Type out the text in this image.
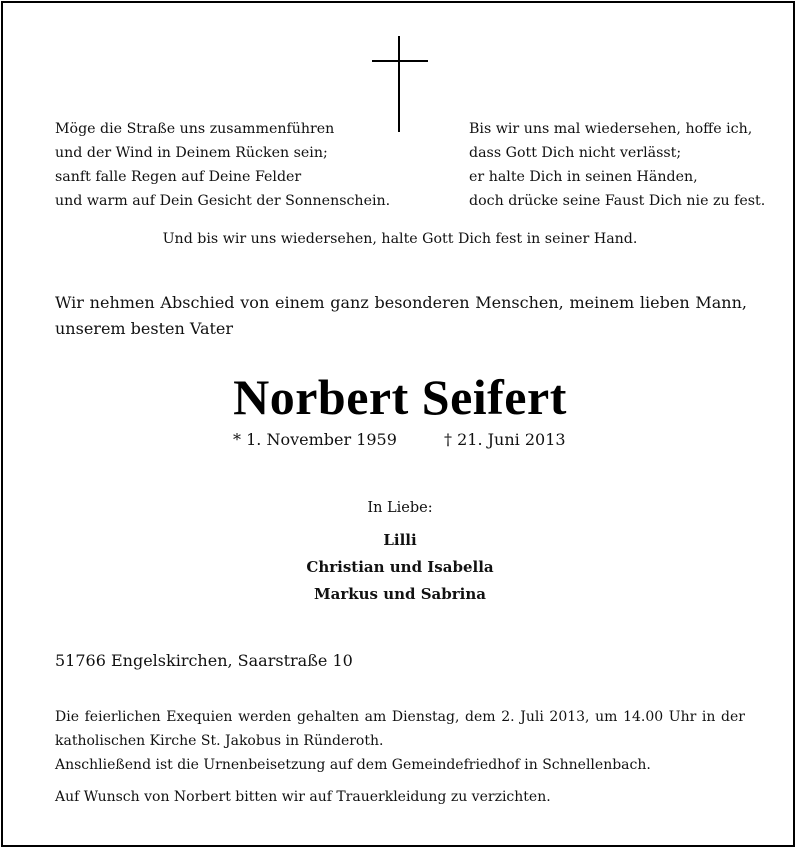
Möge die Straße uns zusammenführen
und der Wind in Deinem Rücken sein;
sanft falle Regen auf Deine Felder
und warm auf Dein Gesicht der Sonnenschein.
Bis wir uns mal wiedersehen, hoffe ich,
dass Gott Dich nicht verlässt;
er halte Dich in seinen Händen,
doch drücke seine Faust Dich nie zu fest.
Und bis wir uns wiedersehen, halte Gott Dich fest in seiner Hand.
Wir nehmen Abschied von einem ganz besonderen Menschen, meinem lieben Mann, unserem besten Vater
Norbert Seifert
* 1. November 1959	† 21. Juni 2013
In Liebe:
Lilli
Christian und Isabella
Markus und Sabrina
51766 Engelskirchen, Saarstraße 10
Die feierlichen Exequien werden gehalten am Dienstag, dem 2. Juli 2013, um 14.00 Uhr in der katholischen Kirche St. Jakobus in Ründeroth.
Anschließend ist die Urnenbeisetzung auf dem Gemeindefriedhof in Schnellenbach.
Auf Wunsch von Norbert bitten wir auf Trauerkleidung zu verzichten.
